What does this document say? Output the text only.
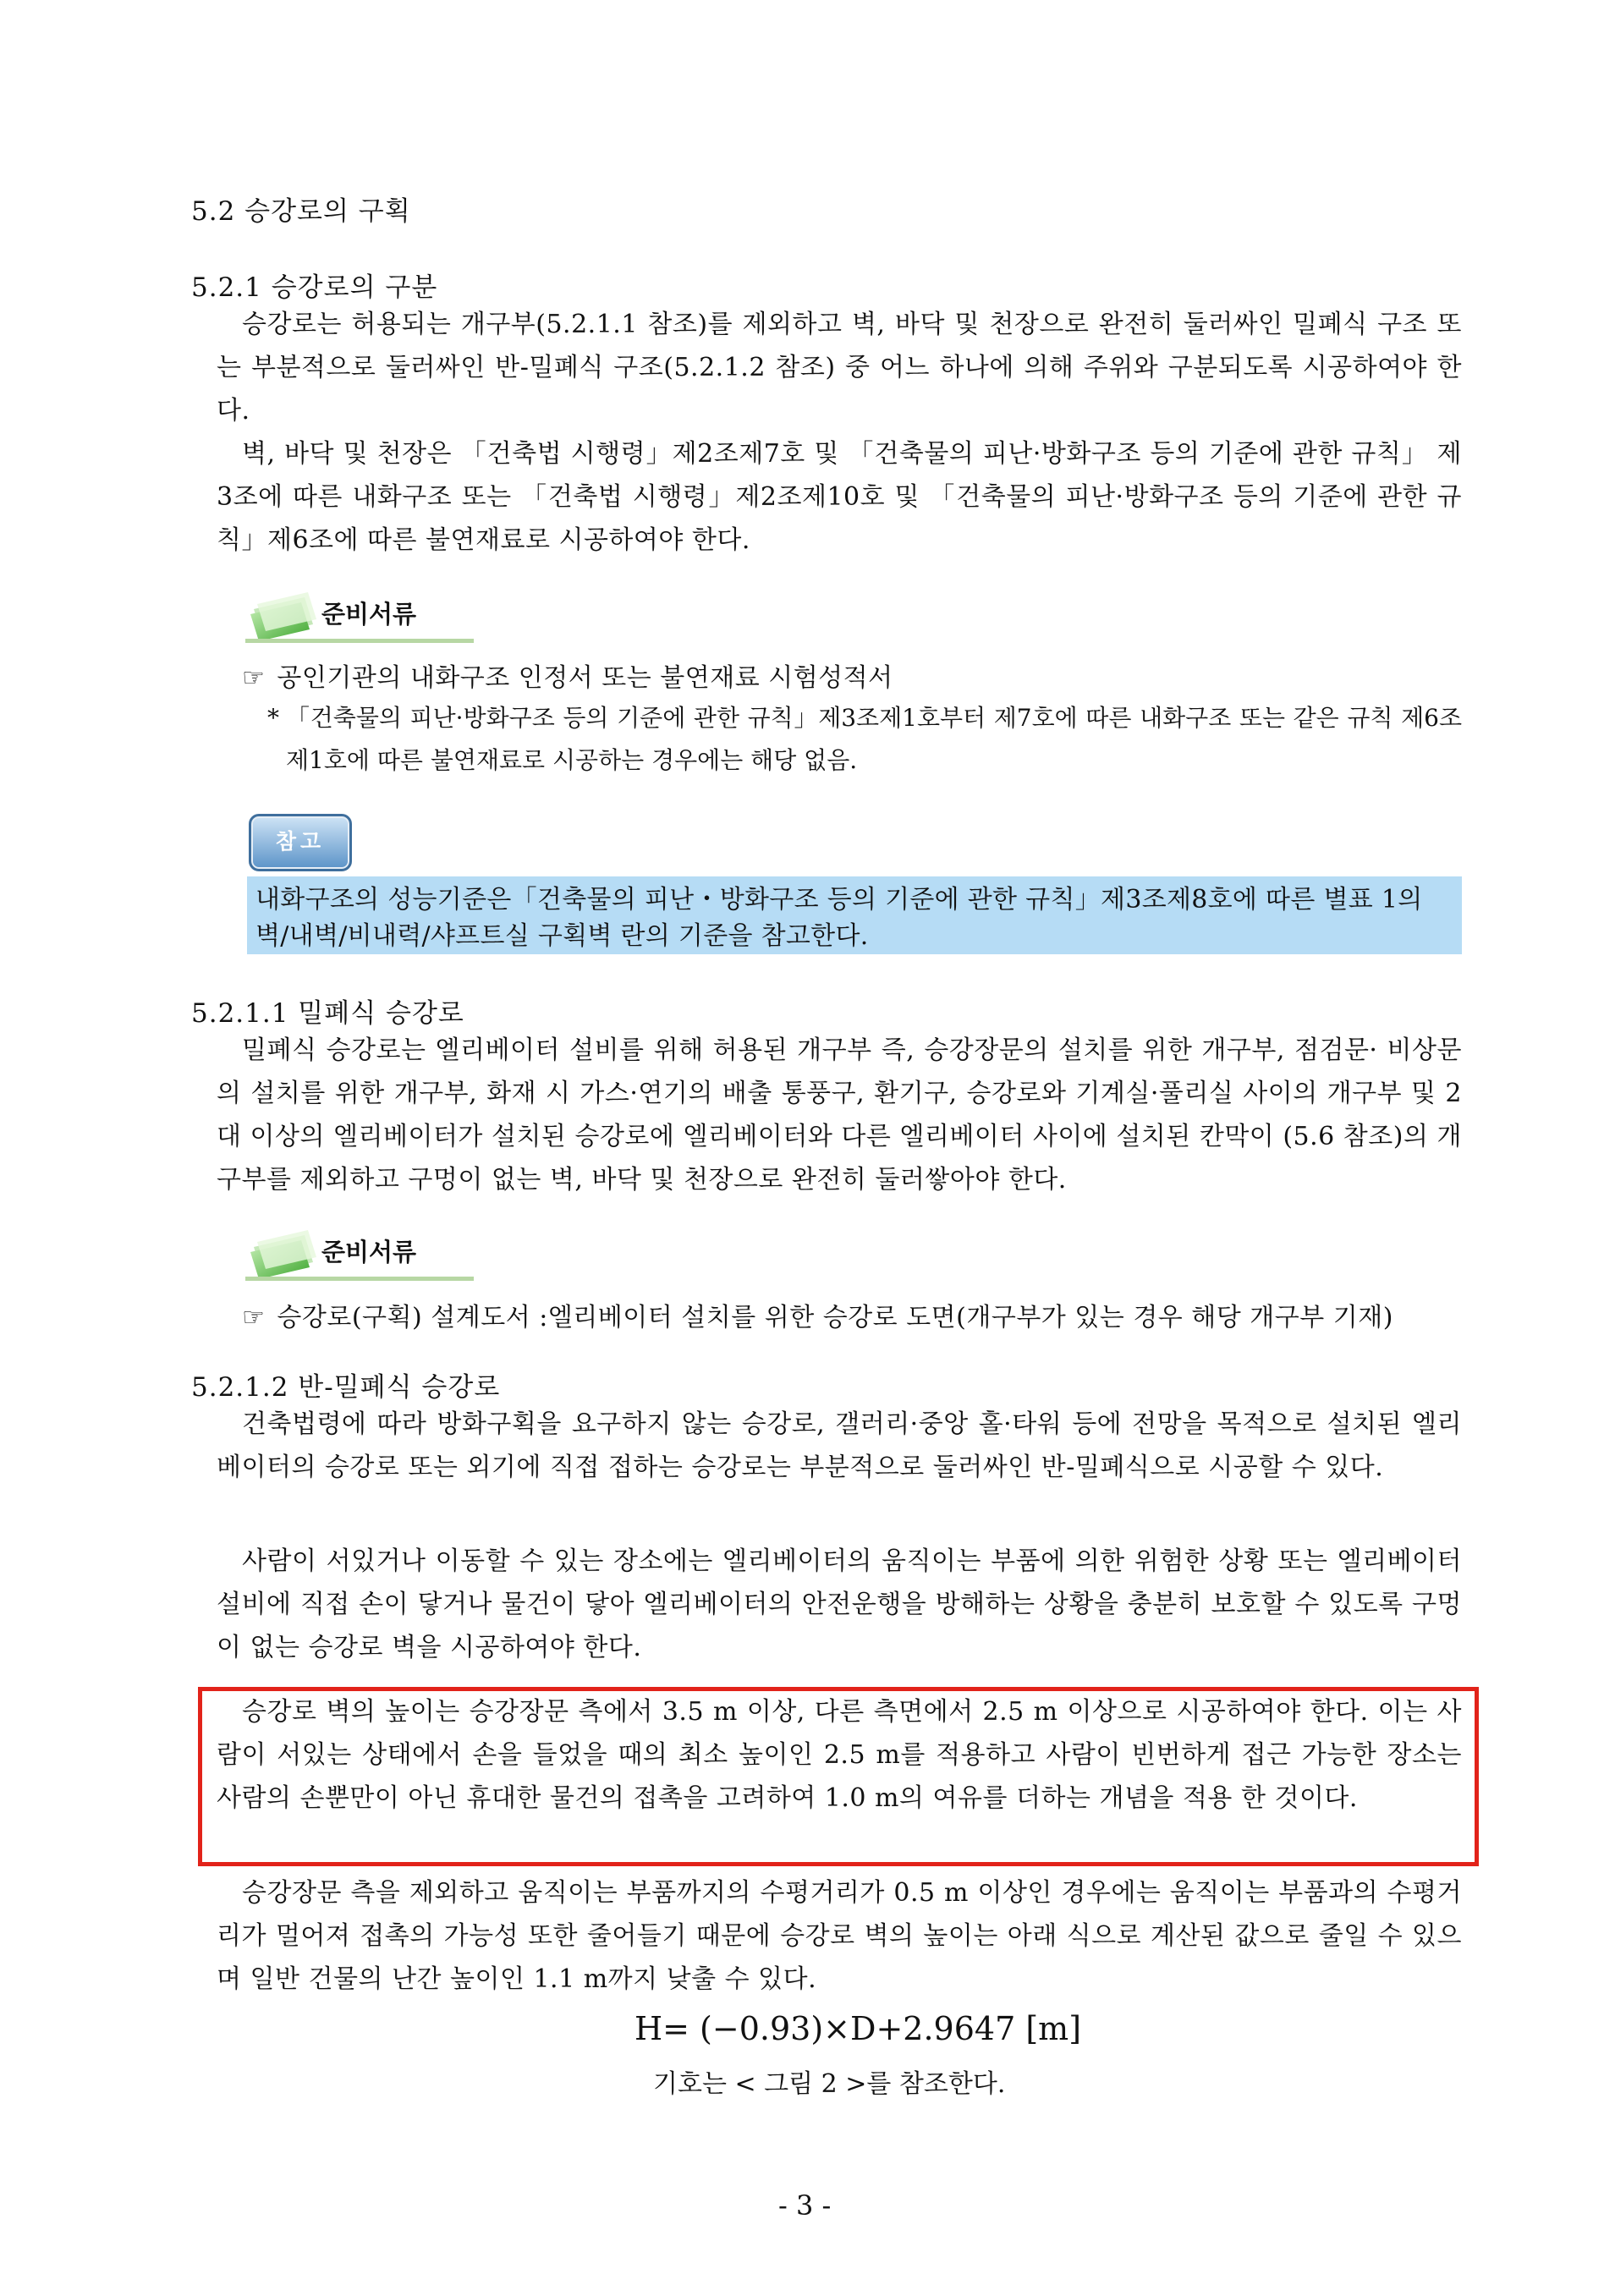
5.2 승강로의 구획
5.2.1 승강로의 구분
승강로는 허용되는 개구부(5.2.1.1 참조)를 제외하고 벽, 바닥 및 천장으로 완전히 둘러싸인 밀폐식 구조 또는 부분적으로 둘러싸인 반-밀폐식 구조(5.2.1.2 참조) 중 어느 하나에 의해 주위와 구분되도록 시공하여야 한다.
벽, 바닥 및 천장은 「건축법 시행령」제2조제7호 및 「건축물의 피난·방화구조 등의 기준에 관한 규칙」 제3조에 따른 내화구조 또는 「건축법 시행령」제2조제10호 및 「건축물의 피난·방화구조 등의 기준에 관한 규칙」제6조에 따른 불연재료로 시공하여야 한다.
준비서류
☞ 공인기관의 내화구조 인정서 또는 불연재료 시험성적서
* 「건축물의 피난·방화구조 등의 기준에 관한 규칙」제3조제1호부터 제7호에 따른 내화구조 또는 같은 규칙 제6조제1호에 따른 불연재료로 시공하는 경우에는 해당 없음.
참고
내화구조의 성능기준은「건축물의 피난・방화구조 등의 기준에 관한 규칙」제3조제8호에 따른 별표 1의 벽/내벽/비내력/샤프트실 구획벽 란의 기준을 참고한다.
5.2.1.1 밀폐식 승강로
밀폐식 승강로는 엘리베이터 설비를 위해 허용된 개구부 즉, 승강장문의 설치를 위한 개구부, 점검문· 비상문의 설치를 위한 개구부, 화재 시 가스·연기의 배출 통풍구, 환기구, 승강로와 기계실·풀리실 사이의 개구부 및 2대 이상의 엘리베이터가 설치된 승강로에 엘리베이터와 다른 엘리베이터 사이에 설치된 칸막이 (5.6 참조)의 개구부를 제외하고 구멍이 없는 벽, 바닥 및 천장으로 완전히 둘러쌓아야 한다.
준비서류
☞ 승강로(구획) 설계도서 :엘리베이터 설치를 위한 승강로 도면(개구부가 있는 경우 해당 개구부 기재)
5.2.1.2 반-밀폐식 승강로
건축법령에 따라 방화구획을 요구하지 않는 승강로, 갤러리·중앙 홀·타워 등에 전망을 목적으로 설치된 엘리베이터의 승강로 또는 외기에 직접 접하는 승강로는 부분적으로 둘러싸인 반-밀폐식으로 시공할 수 있다.
사람이 서있거나 이동할 수 있는 장소에는 엘리베이터의 움직이는 부품에 의한 위험한 상황 또는 엘리베이터 설비에 직접 손이 닿거나 물건이 닿아 엘리베이터의 안전운행을 방해하는 상황을 충분히 보호할 수 있도록 구멍이 없는 승강로 벽을 시공하여야 한다.
승강로 벽의 높이는 승강장문 측에서 3.5 m 이상, 다른 측면에서 2.5 m 이상으로 시공하여야 한다. 이는 사람이 서있는 상태에서 손을 들었을 때의 최소 높이인 2.5 m를 적용하고 사람이 빈번하게 접근 가능한 장소는 사람의 손뿐만이 아닌 휴대한 물건의 접촉을 고려하여 1.0 m의 여유를 더하는 개념을 적용 한 것이다.
승강장문 측을 제외하고 움직이는 부품까지의 수평거리가 0.5 m 이상인 경우에는 움직이는 부품과의 수평거리가 멀어져 접촉의 가능성 또한 줄어들기 때문에 승강로 벽의 높이는 아래 식으로 계산된 값으로 줄일 수 있으며 일반 건물의 난간 높이인 1.1 m까지 낮출 수 있다.
H= (−0.93)×D+2.9647 [m]
기호는 < 그림 2 >를 참조한다.
- 3 -
